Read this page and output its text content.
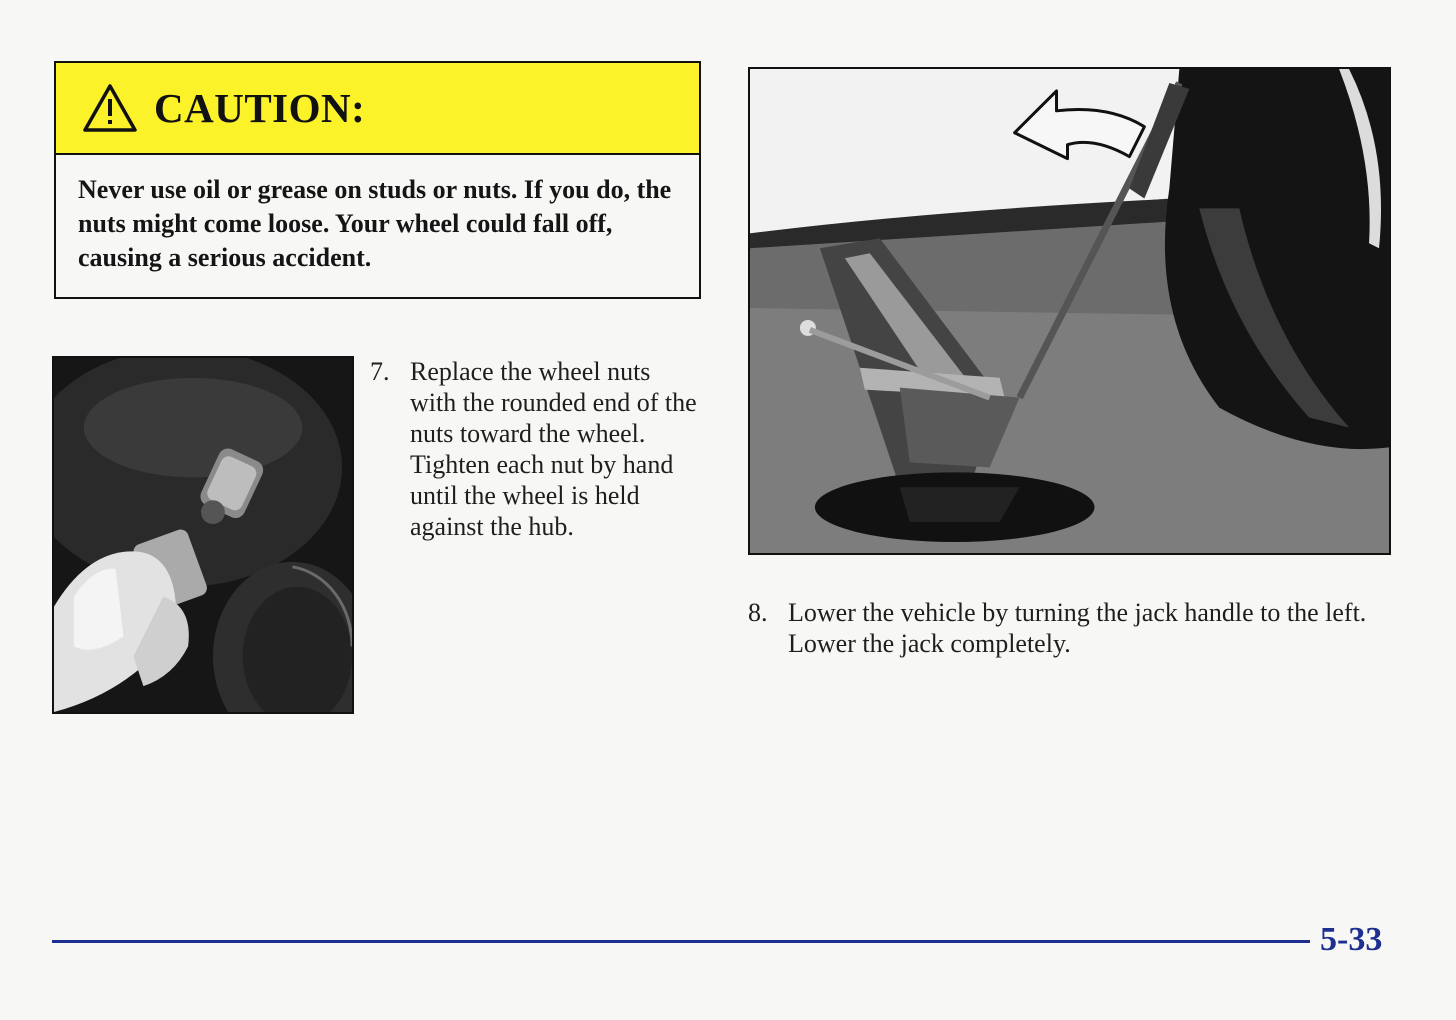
CAUTION:
Never use oil or grease on studs or nuts. If you do, the nuts might come loose. Your wheel could fall off, causing a serious accident.
7. Replace the wheel nuts with the rounded end of the nuts toward the wheel. Tighten each nut by hand until the wheel is held against the hub.
8. Lower the vehicle by turning the jack handle to the left. Lower the jack completely.
5-33
